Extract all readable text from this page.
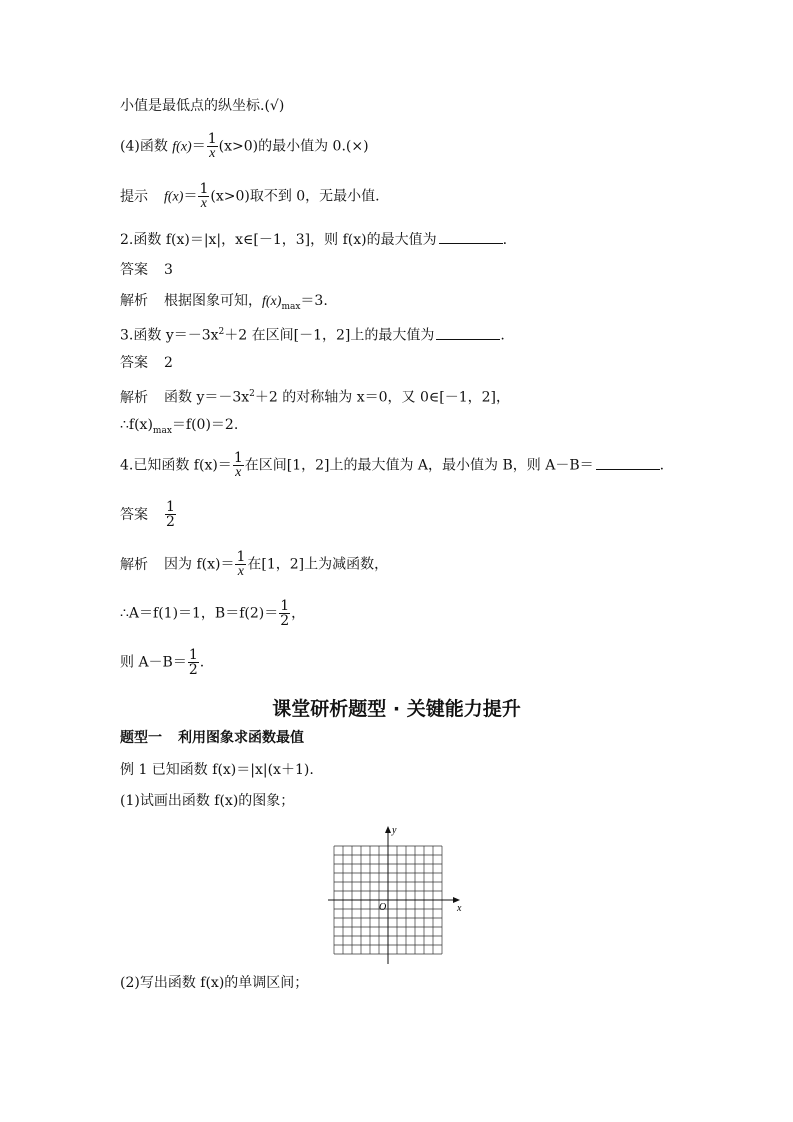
小值是最低点的纵坐标.(√)
(4)函数 $f(x)= \frac{1}{x} (x>0)$的最小值为 0.(×)
提示 $f(x)= \frac{1}{x} (x>0)$取不到 0，无最小值.
2.函数 f(x)＝|x|，x∈[－1，3]，则 f(x)的最大值为	.
答案 3
解析 根据图象可知，$f(x)_{max}=3$.
3.函数 $y=-3x^2+2$ 在区间[－1，2]上的最大值为	.
答案 2
解析 函数 $y=-3x^2+2$ 的对称轴为 x＝0，又 0∈[－1，2]，
$\therefore f(x)_{max}=f(0)=2$.
4.已知函数 $f(x)= \frac{1}{x}$ 在区间[1，2]上的最大值为 A，最小值为 B，则 A－B＝	.
答案 $\frac{1}{2}$
解析 因为 $f(x)= \frac{1}{x}$ 在[1，2]上为减函数，
∴A＝f(1)＝1，$B=f(2)= \frac{1}{2}$ ，
则 $A-B= \frac{1}{2}$ .
课堂研析题型 · 关键能力提升
题型一 利用图象求函数最值
例 1 已知函数 f(x)＝|x|(x＋1).
(1)试画出函数 f(x)的图象；
x
y
O
(2)写出函数 f(x)的单调区间；
